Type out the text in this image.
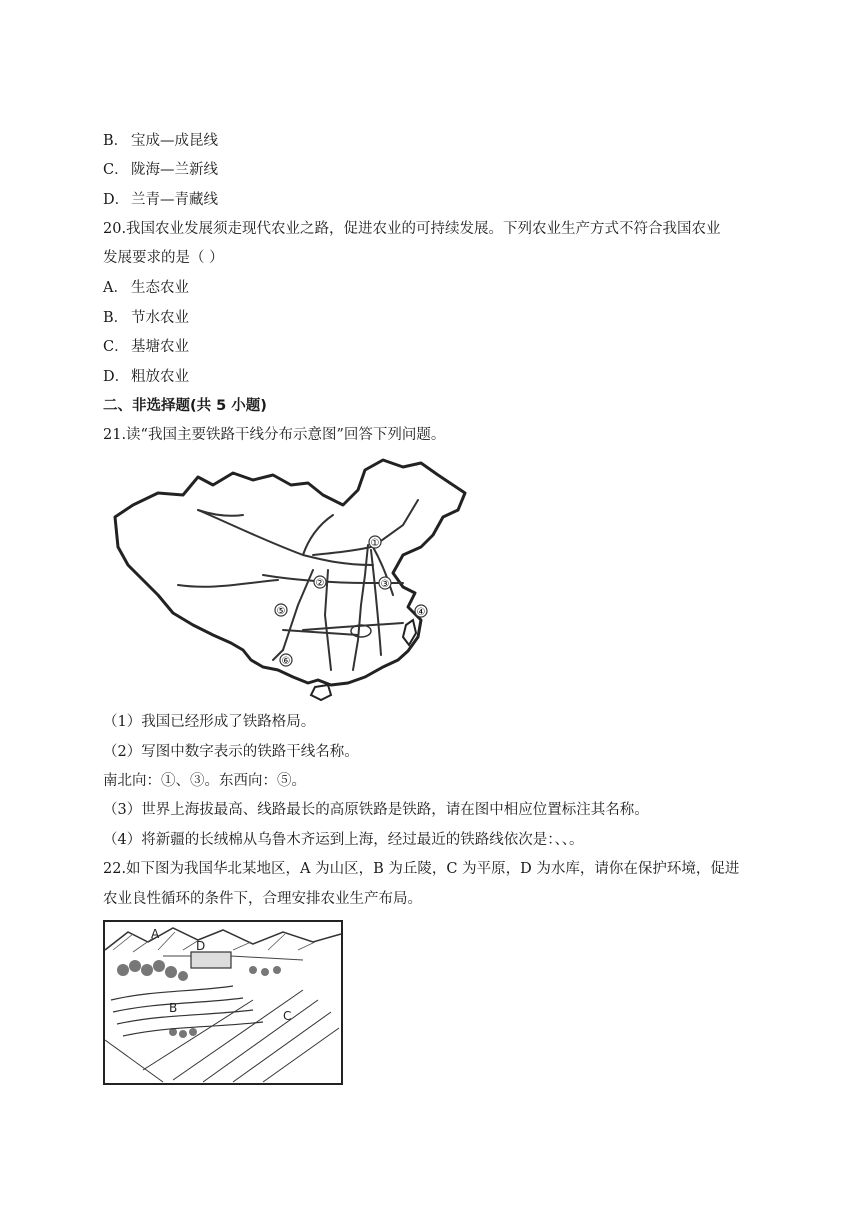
B． 宝成—成昆线
C． 陇海—兰新线
D． 兰青—青藏线
20.我国农业发展须走现代农业之路，促进农业的可持续发展。下列农业生产方式不符合我国农业
发展要求的是（ ）
A． 生态农业
B． 节水农业
C． 基塘农业
D． 粗放农业
二、非选择题(共 5 小题)
21.读“我国主要铁路干线分布示意图”回答下列问题。
①
②	③
④
⑤
⑥
（1）我国已经形成了铁路格局。
（2）写图中数字表示的铁路干线名称。
南北向：①、③。东西向：⑤。
（3）世界上海拔最高、线路最长的高原铁路是铁路，请在图中相应位置标注其名称。
（4）将新疆的长绒棉从乌鲁木齐运到上海，经过最近的铁路线依次是：、、。
22.如下图为我国华北某地区，A 为山区，B 为丘陵，C 为平原，D 为水库，请你在保护环境，促进
农业良性循环的条件下，合理安排农业生产布局。
A
D
B
C
